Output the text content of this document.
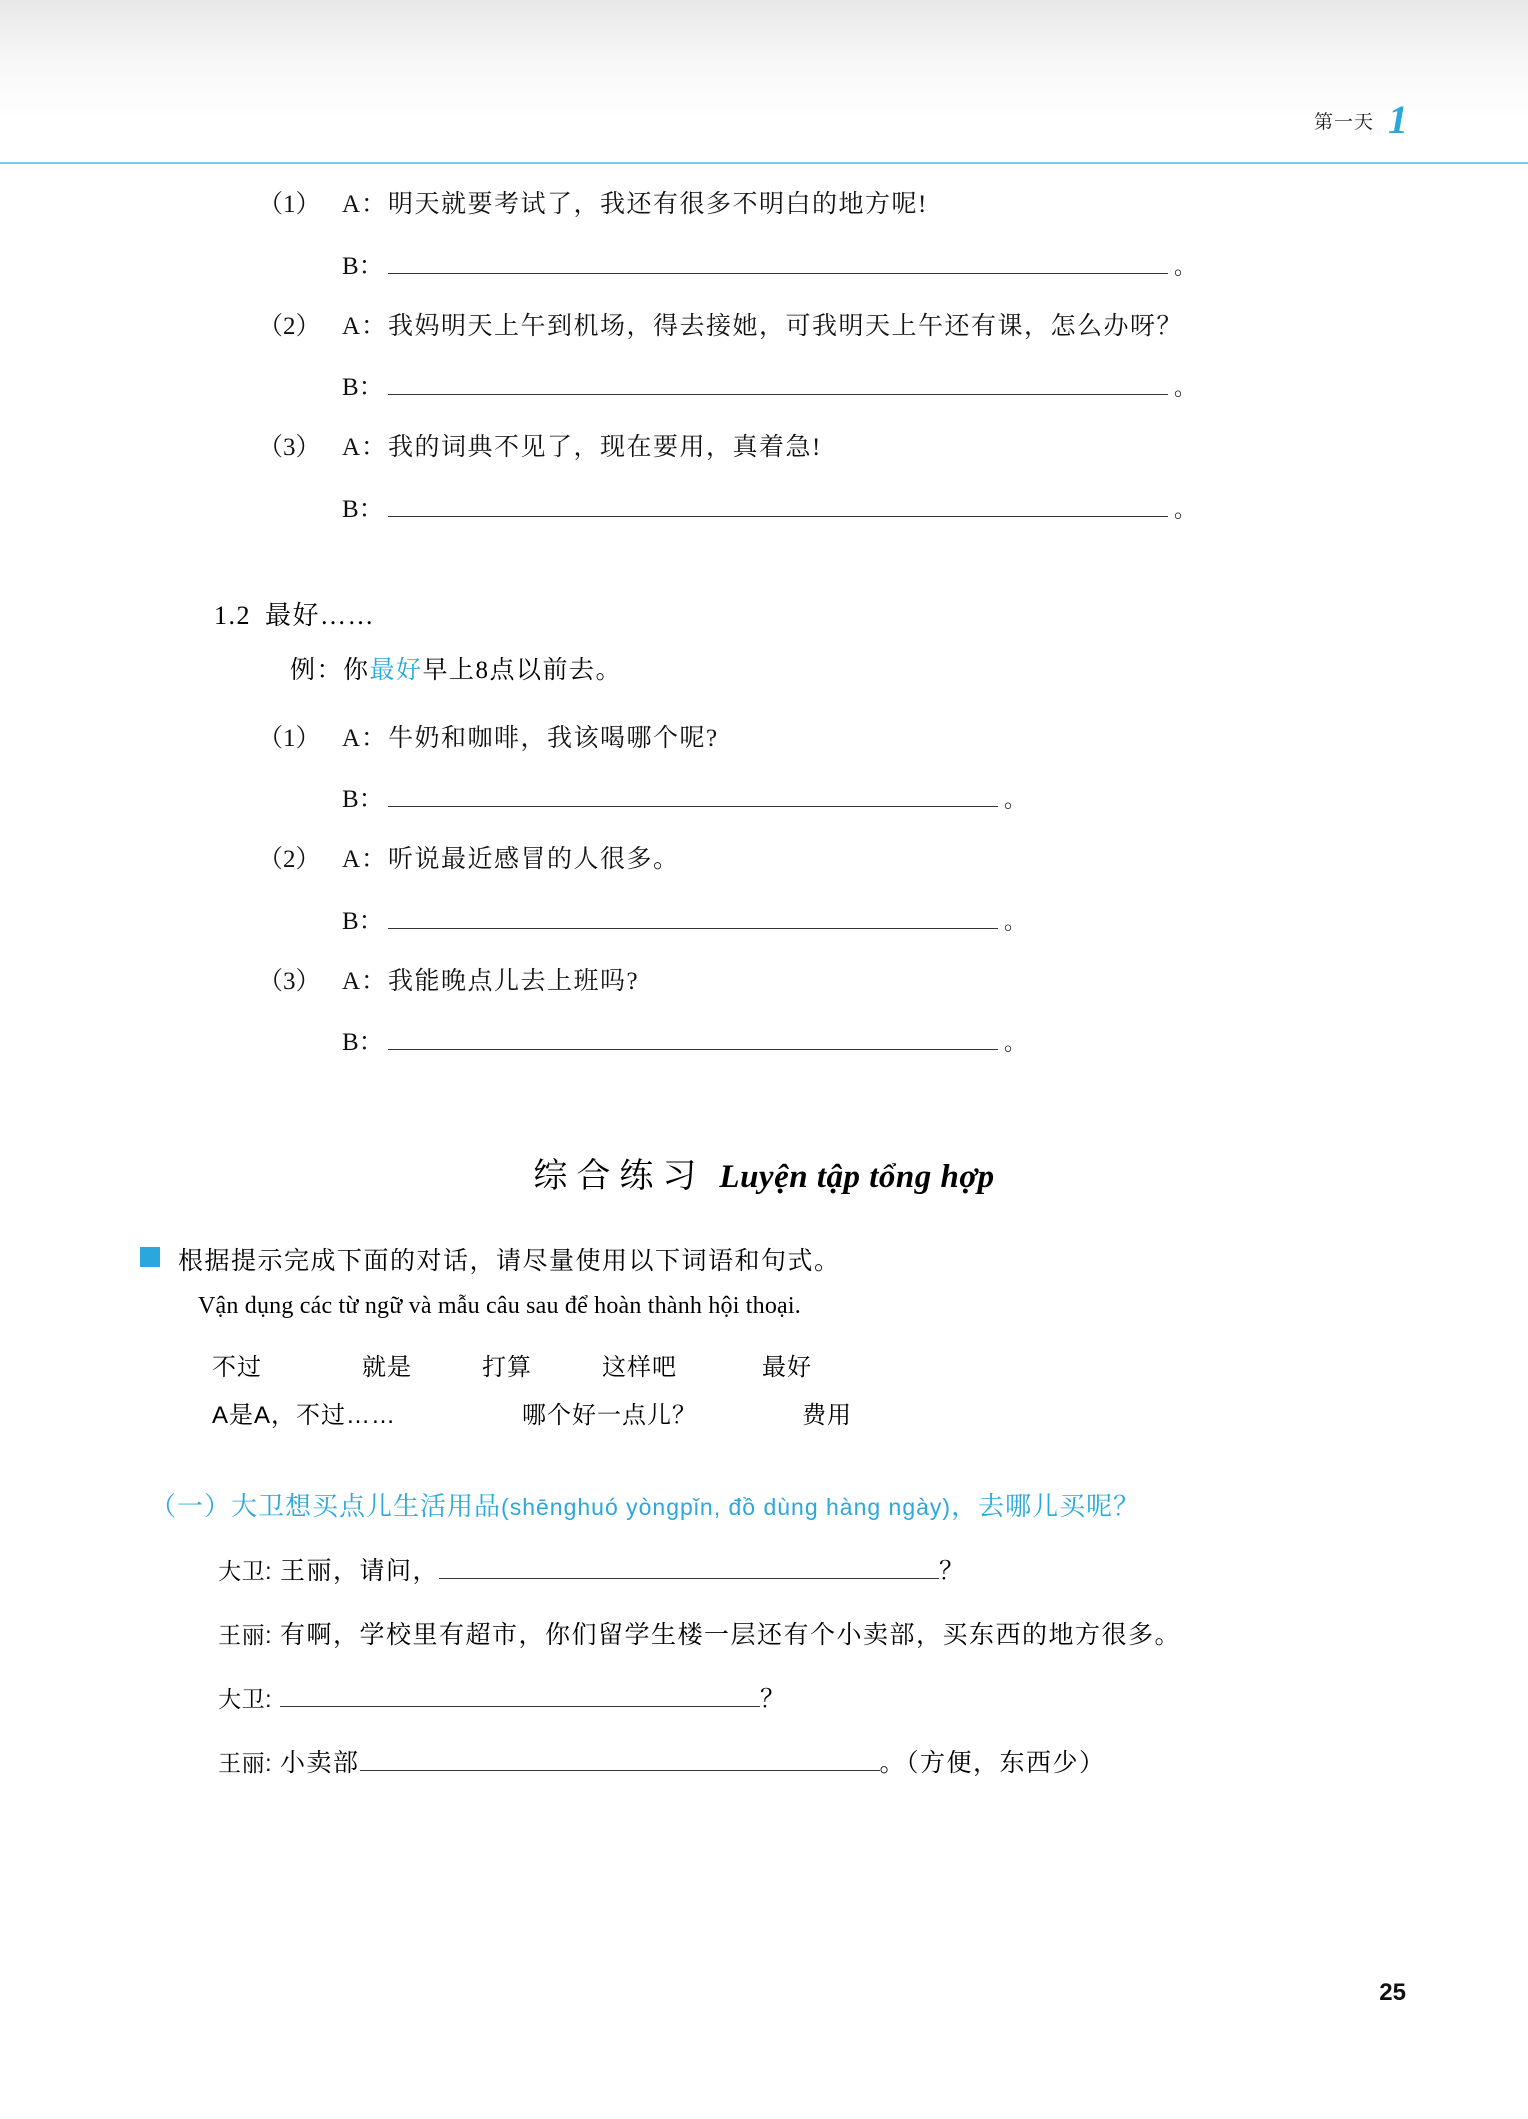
第一天 1
（1） A： 明天就要考试了，我还有很多不明白的地方呢!
B：	。
（2） A： 我妈明天上午到机场，得去接她，可我明天上午还有课，怎么办呀？
B：	。
（3） A： 我的词典不见了，现在要用，真着急!
B：	。
1.2 最好……
例：你最好早上8点以前去。
（1） A： 牛奶和咖啡，我该喝哪个呢?
B：	。
（2） A： 听说最近感冒的人很多。
B：	。
（3） A： 我能晚点儿去上班吗?
B：	。
综合练习 Luyện tập tổng hợp
根据提示完成下面的对话，请尽量使用以下词语和句式。
Vận dụng các từ ngữ và mẫu câu sau để hoàn thành hội thoại.
不过	就是	打算	这样吧	最好
A是A，不过……	哪个好一点儿？	费用
（一）大卫想买点儿生活用品(shēnghuó yòngpǐn, đồ dùng hàng ngày)，去哪儿买呢？
大卫: 王丽，请问，	？
王丽: 有啊，学校里有超市，你们留学生楼一层还有个小卖部，买东西的地方很多。
大卫:	？
王丽: 小卖部	。（方便，东西少）
25
